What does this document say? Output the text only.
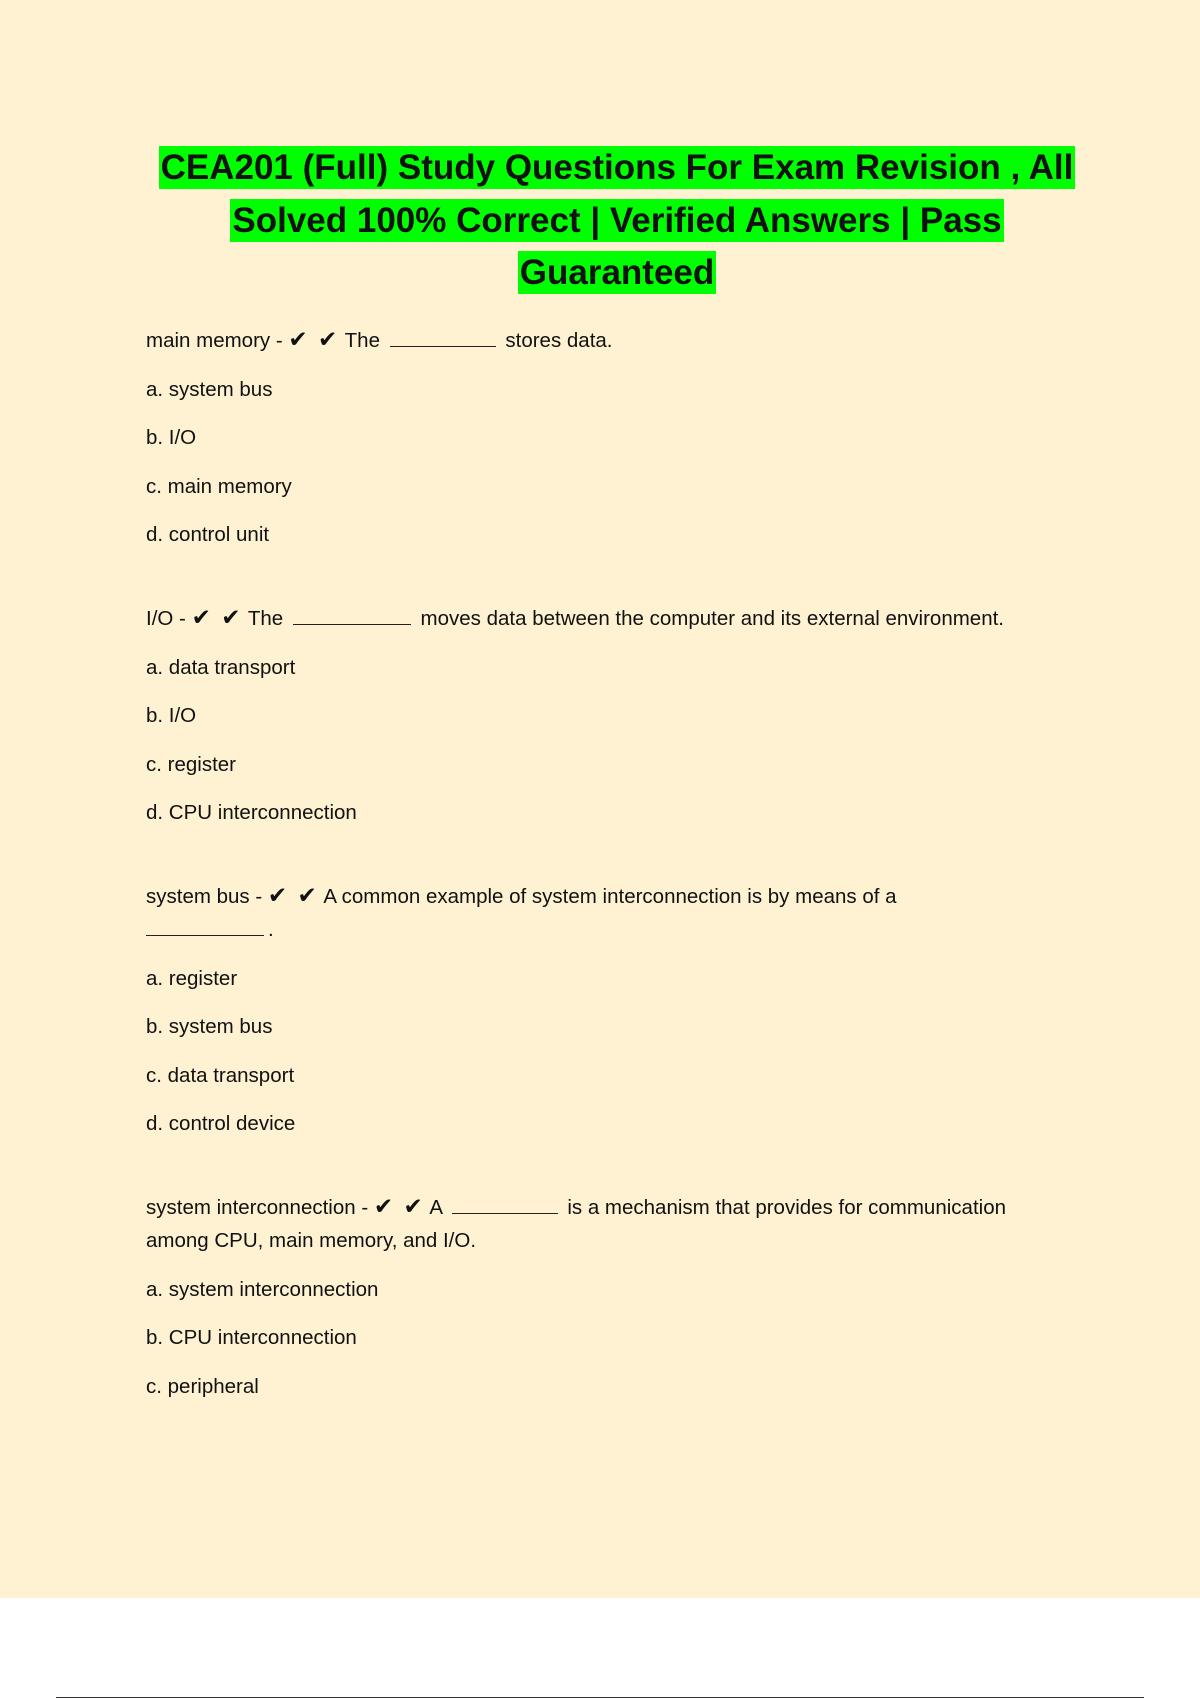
CEA201 (Full) Study Questions For Exam Revision , All
Solved 100% Correct | Verified Answers | Pass
Guaranteed

main memory - ✔ ✔ The	stores data.

a. system bus
b. I/O
c. main memory
d. control unit

I/O - ✔ ✔ The	moves data between the computer and its external environment.

a. data transport
b. I/O
c. register
d. CPU interconnection

system bus - ✔ ✔ A common example of system interconnection is by means of a
.

a. register
b. system bus
c. data transport
d. control device

system interconnection - ✔ ✔ A	is a mechanism that provides for communication
among CPU, main memory, and I/O.

a. system interconnection
b. CPU interconnection
c. peripheral
